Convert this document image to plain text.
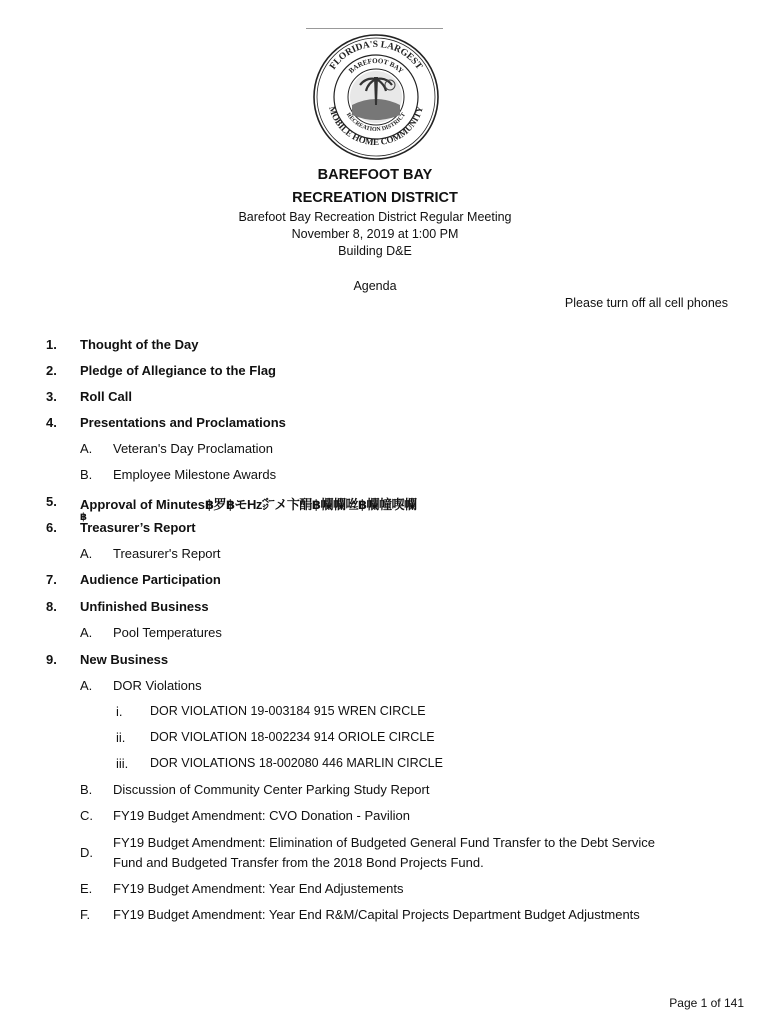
FLORIDA'S LARGEST
MOBILE HOME COMMUNITY
BAREFOOT BAY
RECREATION DISTRICT
BAREFOOT BAY
RECREATION DISTRICT
Barefoot Bay Recreation District Regular Meeting
November 8, 2019 at 1:00 PM
Building D&E
Agenda
Please turn off all cell phones
1. Thought of the Day
2. Pledge of Allegiance to the Flag
3. Roll Call
4. Presentations and Proclamations
A. Veteran's Day Proclamation
B. Employee Milestone Awards
5. Approval of Minutes฿罗฿モHz㌻メ卞䣺฿幱幱咝฿幱幢喫幱
฿
6. Treasurer’s Report
A. Treasurer's Report
7. Audience Participation
8. Unfinished Business
A. Pool Temperatures
9. New Business
A. DOR Violations
i. DOR VIOLATION 19-003184 915 WREN CIRCLE
ii. DOR VIOLATION 18-002234 914 ORIOLE CIRCLE
iii. DOR VIOLATIONS 18-002080 446 MARLIN CIRCLE
B. Discussion of Community Center Parking Study Report
C. FY19 Budget Amendment: CVO Donation - Pavilion
D.
FY19 Budget Amendment: Elimination of Budgeted General Fund Transfer to the Debt Service
Fund and Budgeted Transfer from the 2018 Bond Projects Fund.
E. FY19 Budget Amendment: Year End Adjustements
F. FY19 Budget Amendment: Year End R&M/Capital Projects Department Budget Adjustments
Page 1 of 141
